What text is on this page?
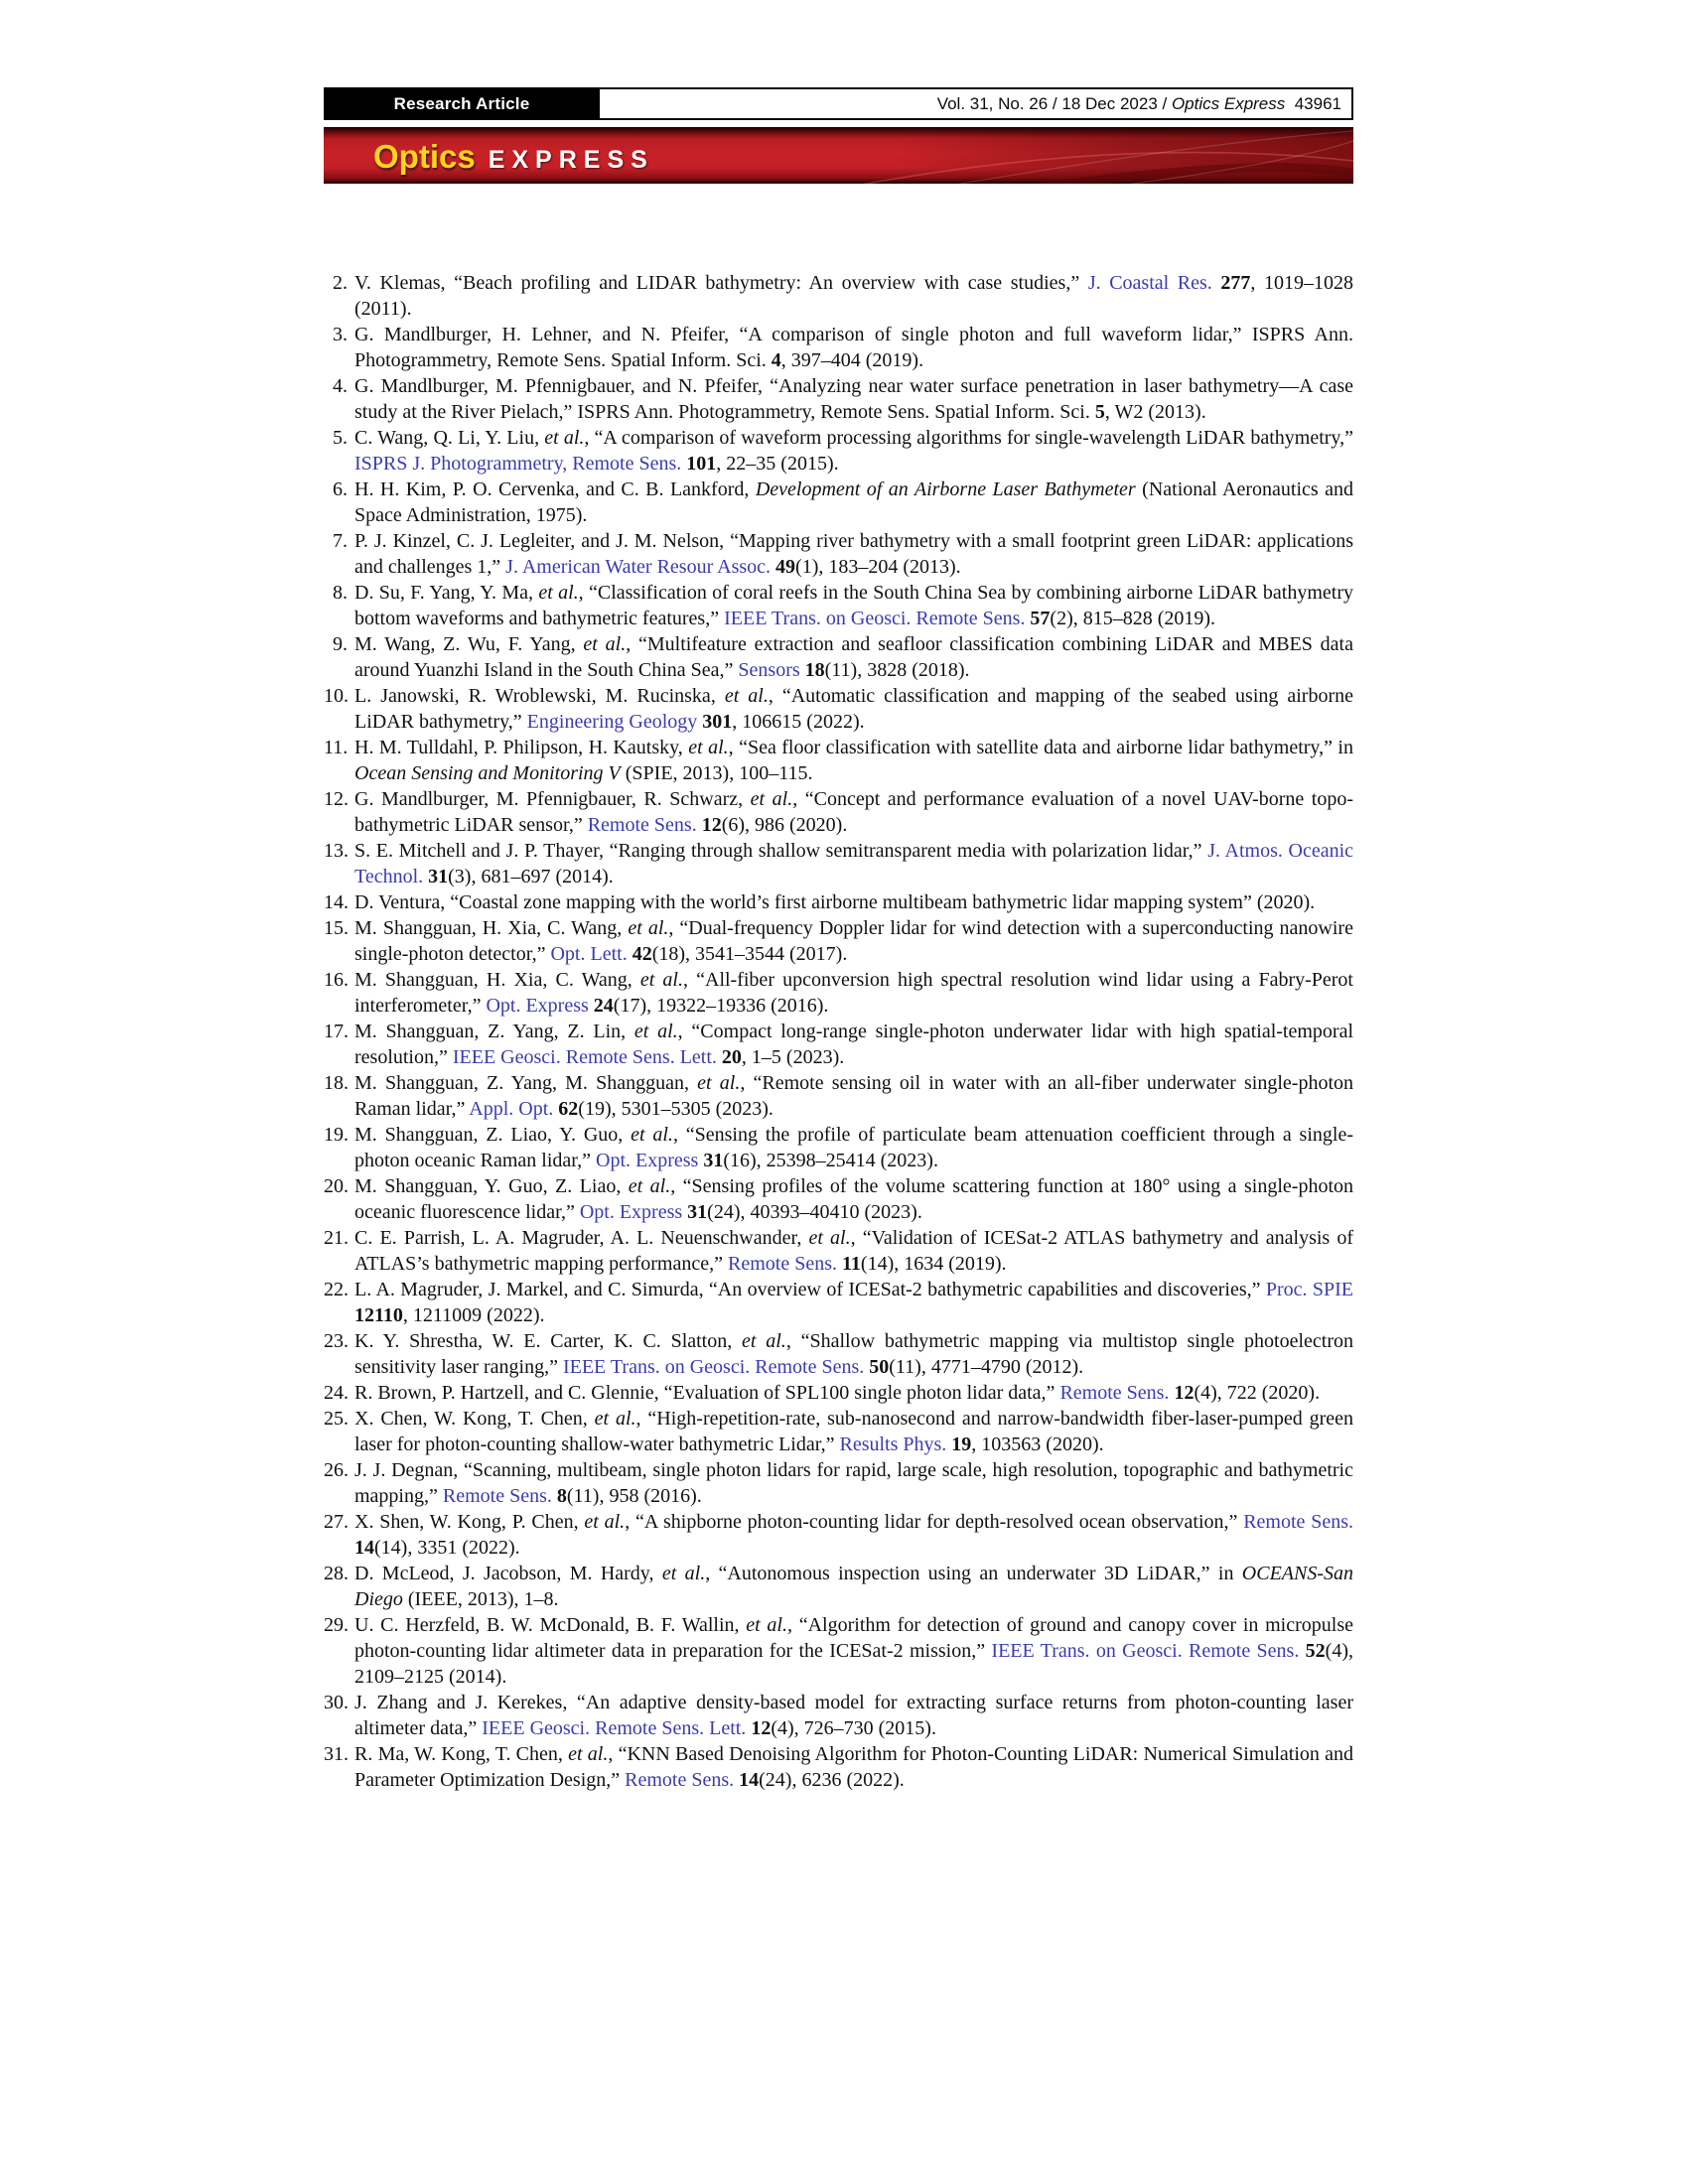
Research Article	Vol. 31, No. 26 / 18 Dec 2023 / Optics Express 43961
Optics EXPRESS
2. V. Klemas, “Beach profiling and LIDAR bathymetry: An overview with case studies,” J. Coastal Res. 277, 1019–1028 (2011).
3. G. Mandlburger, H. Lehner, and N. Pfeifer, “A comparison of single photon and full waveform lidar,” ISPRS Ann. Photogrammetry, Remote Sens. Spatial Inform. Sci. 4, 397–404 (2019).
4. G. Mandlburger, M. Pfennigbauer, and N. Pfeifer, “Analyzing near water surface penetration in laser bathymetry—A case study at the River Pielach,” ISPRS Ann. Photogrammetry, Remote Sens. Spatial Inform. Sci. 5, W2 (2013).
5. C. Wang, Q. Li, Y. Liu, et al., “A comparison of waveform processing algorithms for single-wavelength LiDAR bathymetry,” ISPRS J. Photogrammetry, Remote Sens. 101, 22–35 (2015).
6. H. H. Kim, P. O. Cervenka, and C. B. Lankford, Development of an Airborne Laser Bathymeter (National Aeronautics and Space Administration, 1975).
7. P. J. Kinzel, C. J. Legleiter, and J. M. Nelson, “Mapping river bathymetry with a small footprint green LiDAR: applications and challenges 1,” J. American Water Resour Assoc. 49(1), 183–204 (2013).
8. D. Su, F. Yang, Y. Ma, et al., “Classification of coral reefs in the South China Sea by combining airborne LiDAR bathymetry bottom waveforms and bathymetric features,” IEEE Trans. on Geosci. Remote Sens. 57(2), 815–828 (2019).
9. M. Wang, Z. Wu, F. Yang, et al., “Multifeature extraction and seafloor classification combining LiDAR and MBES data around Yuanzhi Island in the South China Sea,” Sensors 18(11), 3828 (2018).
10. L. Janowski, R. Wroblewski, M. Rucinska, et al., “Automatic classification and mapping of the seabed using airborne LiDAR bathymetry,” Engineering Geology 301, 106615 (2022).
11. H. M. Tulldahl, P. Philipson, H. Kautsky, et al., “Sea floor classification with satellite data and airborne lidar bathymetry,” in Ocean Sensing and Monitoring V (SPIE, 2013), 100–115.
12. G. Mandlburger, M. Pfennigbauer, R. Schwarz, et al., “Concept and performance evaluation of a novel UAV-borne topo-bathymetric LiDAR sensor,” Remote Sens. 12(6), 986 (2020).
13. S. E. Mitchell and J. P. Thayer, “Ranging through shallow semitransparent media with polarization lidar,” J. Atmos. Oceanic Technol. 31(3), 681–697 (2014).
14. D. Ventura, “Coastal zone mapping with the world’s first airborne multibeam bathymetric lidar mapping system” (2020).
15. M. Shangguan, H. Xia, C. Wang, et al., “Dual-frequency Doppler lidar for wind detection with a superconducting nanowire single-photon detector,” Opt. Lett. 42(18), 3541–3544 (2017).
16. M. Shangguan, H. Xia, C. Wang, et al., “All-fiber upconversion high spectral resolution wind lidar using a Fabry-Perot interferometer,” Opt. Express 24(17), 19322–19336 (2016).
17. M. Shangguan, Z. Yang, Z. Lin, et al., “Compact long-range single-photon underwater lidar with high spatial-temporal resolution,” IEEE Geosci. Remote Sens. Lett. 20, 1–5 (2023).
18. M. Shangguan, Z. Yang, M. Shangguan, et al., “Remote sensing oil in water with an all-fiber underwater single-photon Raman lidar,” Appl. Opt. 62(19), 5301–5305 (2023).
19. M. Shangguan, Z. Liao, Y. Guo, et al., “Sensing the profile of particulate beam attenuation coefficient through a single-photon oceanic Raman lidar,” Opt. Express 31(16), 25398–25414 (2023).
20. M. Shangguan, Y. Guo, Z. Liao, et al., “Sensing profiles of the volume scattering function at 180° using a single-photon oceanic fluorescence lidar,” Opt. Express 31(24), 40393–40410 (2023).
21. C. E. Parrish, L. A. Magruder, A. L. Neuenschwander, et al., “Validation of ICESat-2 ATLAS bathymetry and analysis of ATLAS’s bathymetric mapping performance,” Remote Sens. 11(14), 1634 (2019).
22. L. A. Magruder, J. Markel, and C. Simurda, “An overview of ICESat-2 bathymetric capabilities and discoveries,” Proc. SPIE 12110, 1211009 (2022).
23. K. Y. Shrestha, W. E. Carter, K. C. Slatton, et al., “Shallow bathymetric mapping via multistop single photoelectron sensitivity laser ranging,” IEEE Trans. on Geosci. Remote Sens. 50(11), 4771–4790 (2012).
24. R. Brown, P. Hartzell, and C. Glennie, “Evaluation of SPL100 single photon lidar data,” Remote Sens. 12(4), 722 (2020).
25. X. Chen, W. Kong, T. Chen, et al., “High-repetition-rate, sub-nanosecond and narrow-bandwidth fiber-laser-pumped green laser for photon-counting shallow-water bathymetric Lidar,” Results Phys. 19, 103563 (2020).
26. J. J. Degnan, “Scanning, multibeam, single photon lidars for rapid, large scale, high resolution, topographic and bathymetric mapping,” Remote Sens. 8(11), 958 (2016).
27. X. Shen, W. Kong, P. Chen, et al., “A shipborne photon-counting lidar for depth-resolved ocean observation,” Remote Sens. 14(14), 3351 (2022).
28. D. McLeod, J. Jacobson, M. Hardy, et al., “Autonomous inspection using an underwater 3D LiDAR,” in OCEANS-San Diego (IEEE, 2013), 1–8.
29. U. C. Herzfeld, B. W. McDonald, B. F. Wallin, et al., “Algorithm for detection of ground and canopy cover in micropulse photon-counting lidar altimeter data in preparation for the ICESat-2 mission,” IEEE Trans. on Geosci. Remote Sens. 52(4), 2109–2125 (2014).
30. J. Zhang and J. Kerekes, “An adaptive density-based model for extracting surface returns from photon-counting laser altimeter data,” IEEE Geosci. Remote Sens. Lett. 12(4), 726–730 (2015).
31. R. Ma, W. Kong, T. Chen, et al., “KNN Based Denoising Algorithm for Photon-Counting LiDAR: Numerical Simulation and Parameter Optimization Design,” Remote Sens. 14(24), 6236 (2022).
